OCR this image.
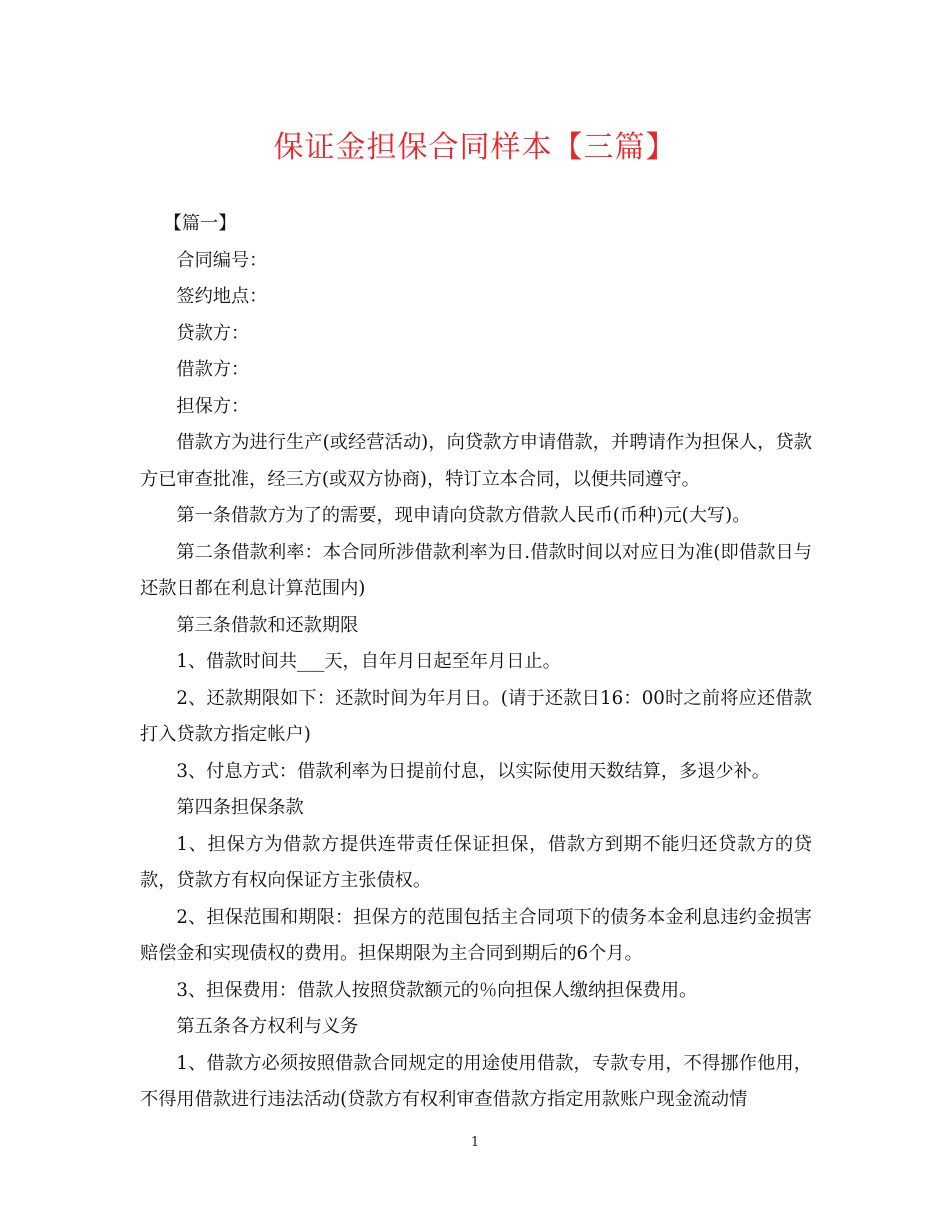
保证金担保合同样本【三篇】

【篇一】

合同编号：

签约地点：

贷款方：

借款方：

担保方：

借款方为进行生产(或经营活动)，向贷款方申请借款，并聘请作为担保人，贷款方已审查批准，经三方(或双方协商)，特订立本合同，以便共同遵守。

第一条借款方为了的需要，现申请向贷款方借款人民币(币种)元(大写)。

第二条借款利率：本合同所涉借款利率为日.借款时间以对应日为准(即借款日与还款日都在利息计算范围内)

第三条借款和还款期限

1、借款时间共___天，自年月日起至年月日止。

2、还款期限如下：还款时间为年月日。(请于还款日16：00时之前将应还借款打入贷款方指定帐户)

3、付息方式：借款利率为日提前付息，以实际使用天数结算，多退少补。

第四条担保条款

1、担保方为借款方提供连带责任保证担保，借款方到期不能归还贷款方的贷款，贷款方有权向保证方主张债权。

2、担保范围和期限：担保方的范围包括主合同项下的债务本金利息违约金损害赔偿金和实现债权的费用。担保期限为主合同到期后的6个月。

3、担保费用：借款人按照贷款额元的％向担保人缴纳担保费用。

第五条各方权利与义务

1、借款方必须按照借款合同规定的用途使用借款，专款专用，不得挪作他用，不得用借款进行违法活动(贷款方有权利审查借款方指定用款账户现金流动情

1
